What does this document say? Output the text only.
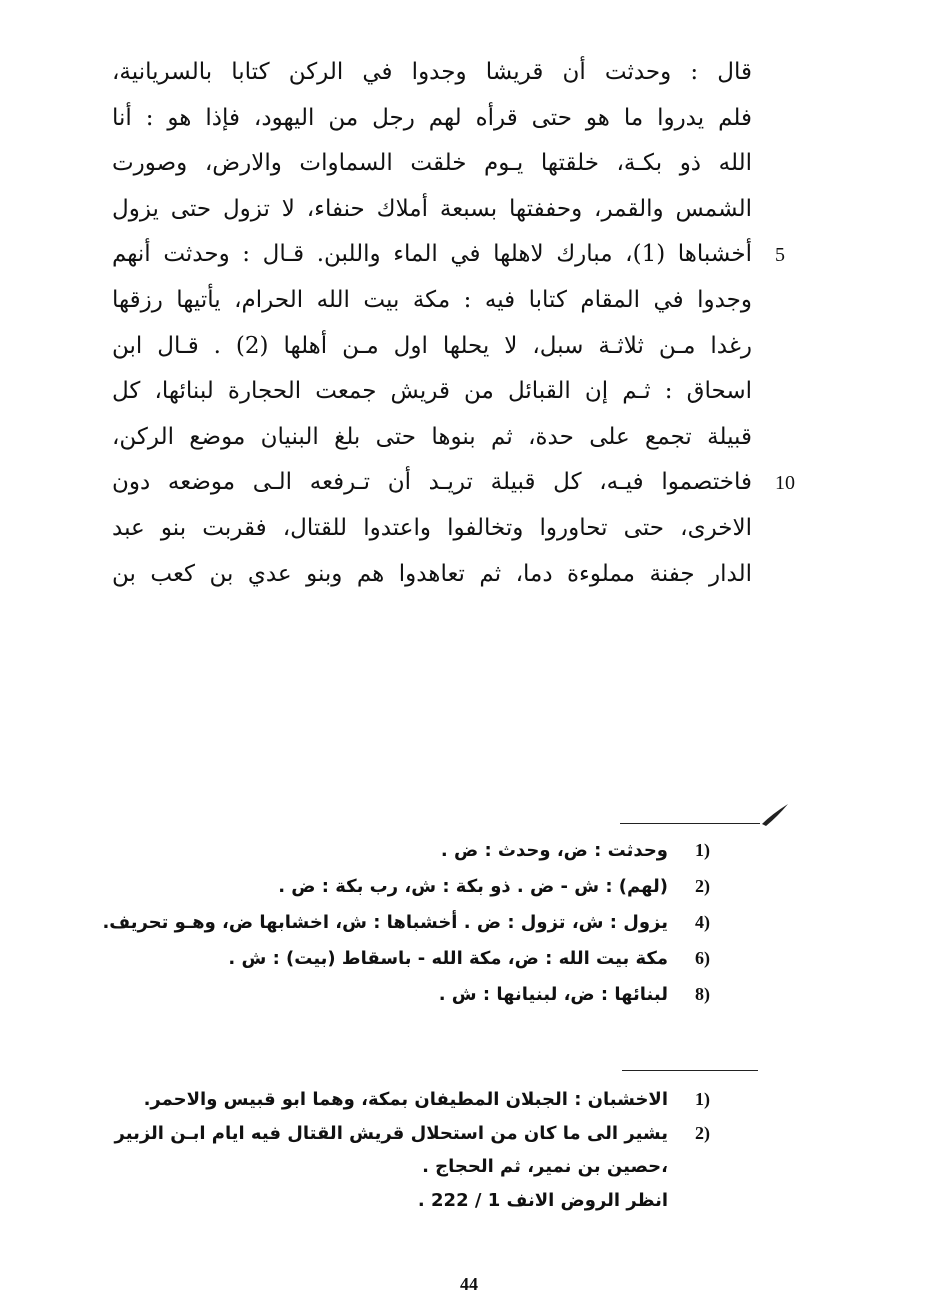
قال : وحدثت أن قريشا وجدوا في الركن كتابا بالسريانية،
فلم يدروا ما هو حتى قرأه لهم رجل من اليهود، فإذا هو : أنا
الله ذو بكـة، خلقتها يـوم خلقت السماوات والارض، وصورت
الشمس والقمر، وحففتها بسبعة أملاك حنفاء، لا تزول حتى يزول
أخشباها (1)، مبارك لاهلها في الماء واللبن. قـال : وحدثت أنهم
وجدوا في المقام كتابا فيه : مكة بيت الله الحرام، يأتيها رزقها
رغدا مـن ثلاثـة سبل، لا يحلها اول مـن أهلها (2) . قـال ابن
اسحاق : ثـم إن القبائل من قريش جمعت الحجارة لبنائها، كل
قبيلة تجمع على حدة، ثم بنوها حتى بلغ البنيان موضع الركن،
فاختصموا فيـه، كل قبيلة تريـد أن تـرفعه الـى موضعه دون
الاخرى، حتى تحاوروا وتخالفوا واعتدوا للقتال، فقربت بنو عبد
الدار جفنة مملوءة دما، ثم تعاهدوا هم وبنو عدي بن كعب بن
5
10
1)
وحدثت : ض، وحدث : ض .
2)
(لهم) : ش - ض . ذو بكة : ش، رب بكة : ض .
4)
يزول : ش، تزول : ض . أخشباها : ش، اخشابها ض، وهـو تحريف.
6)
مكة بيت الله : ض، مكة الله - باسقاط (بيت) : ش .
8)
لبنائها : ض، لبنيانها : ش .
1)
الاخشبان : الجبلان المطيفان بمكة، وهما ابو قبيس والاحمر.
2)
يشير الى ما كان من استحلال قريش القتال فيه ايام ابـن الزبير
،حصين بن نمير، ثم الحجاج .
انظر الروض الانف 1 / 222 .
44
